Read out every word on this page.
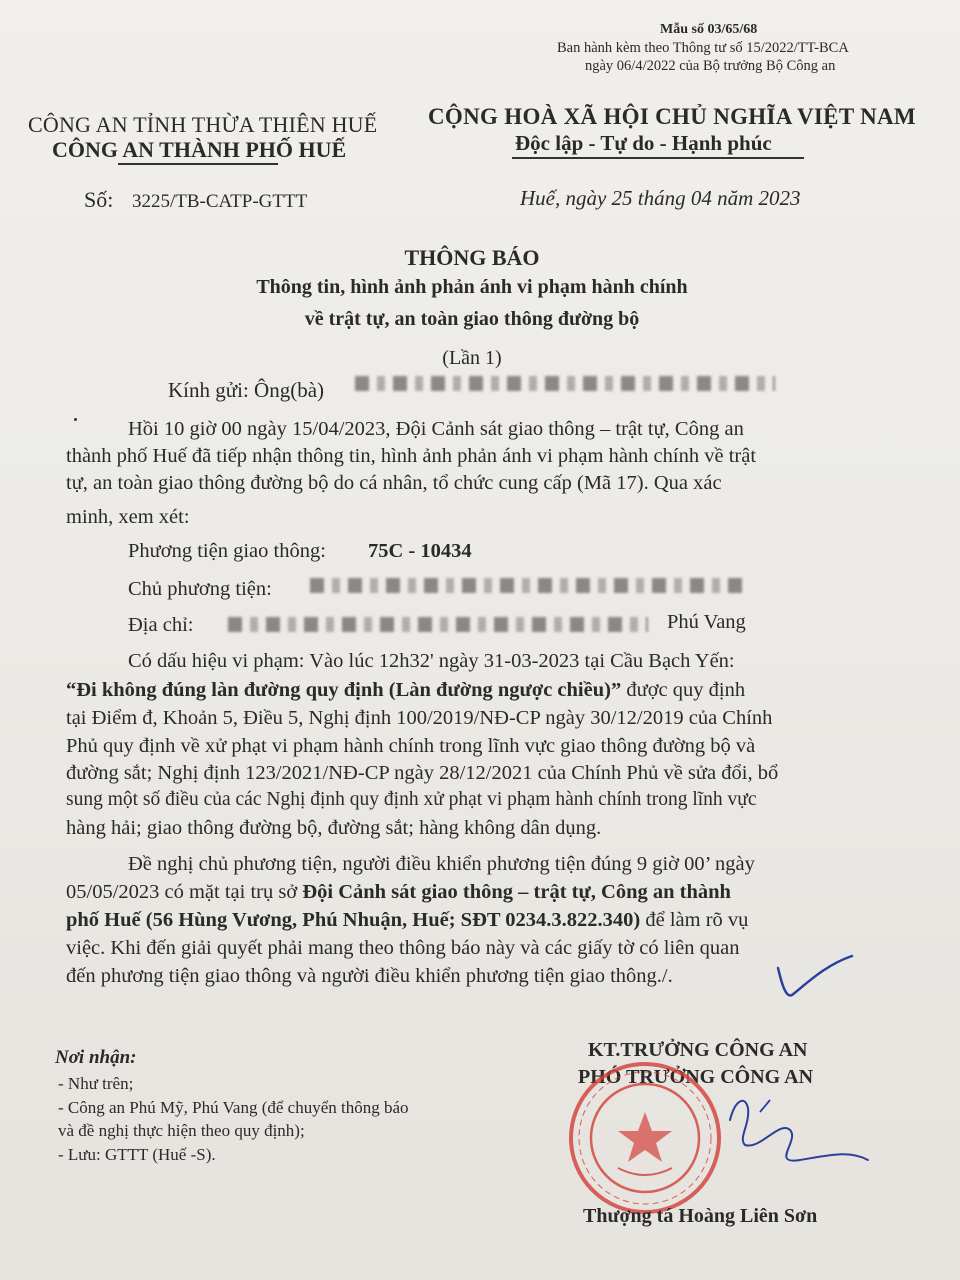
Mẫu số 03/65/68
Ban hành kèm theo Thông tư số 15/2022/TT-BCA
ngày 06/4/2022 của Bộ trưởng Bộ Công an
CÔNG AN TỈNH THỪA THIÊN HUẾ
CÔNG AN THÀNH PHỐ HUẾ
CỘNG HOÀ XÃ HỘI CHỦ NGHĨA VIỆT NAM
Độc lập - Tự do - Hạnh phúc
Số: 3225/TB-CATP-GTTT	Huế, ngày 25 tháng 04 năm 2023
THÔNG BÁO
Thông tin, hình ảnh phản ánh vi phạm hành chính
về trật tự, an toàn giao thông đường bộ
(Lần 1)
Kính gửi: Ông(bà)
Hồi 10 giờ 00 ngày 15/04/2023, Đội Cảnh sát giao thông – trật tự, Công an
thành phố Huế đã tiếp nhận thông tin, hình ảnh phản ánh vi phạm hành chính về trật
tự, an toàn giao thông đường bộ do cá nhân, tổ chức cung cấp (Mã 17). Qua xác
minh, xem xét:
Phương tiện giao thông: 75C - 10434
Chủ phương tiện:
Địa chỉ:	Phú Vang
Có dấu hiệu vi phạm: Vào lúc 12h32' ngày 31-03-2023 tại Cầu Bạch Yến:
“Đi không đúng làn đường quy định (Làn đường ngược chiều)” được quy định
tại Điểm đ, Khoản 5, Điều 5, Nghị định 100/2019/NĐ-CP ngày 30/12/2019 của Chính
Phủ quy định về xử phạt vi phạm hành chính trong lĩnh vực giao thông đường bộ và
đường sắt; Nghị định 123/2021/NĐ-CP ngày 28/12/2021 của Chính Phủ về sửa đổi, bổ
sung một số điều của các Nghị định quy định xử phạt vi phạm hành chính trong lĩnh vực
hàng hải; giao thông đường bộ, đường sắt; hàng không dân dụng.
Đề nghị chủ phương tiện, người điều khiển phương tiện đúng 9 giờ 00’ ngày
05/05/2023 có mặt tại trụ sở Đội Cảnh sát giao thông – trật tự, Công an thành
phố Huế (56 Hùng Vương, Phú Nhuận, Huế; SĐT 0234.3.822.340) để làm rõ vụ
việc. Khi đến giải quyết phải mang theo thông báo này và các giấy tờ có liên quan
đến phương tiện giao thông và người điều khiển phương tiện giao thông./.
Nơi nhận:
- Như trên;
- Công an Phú Mỹ, Phú Vang (để chuyển thông báo
và đề nghị thực hiện theo quy định);
- Lưu: GTTT (Huế -S).
KT.TRƯỞNG CÔNG AN
PHÓ TRƯỞNG CÔNG AN
Thượng tá Hoàng Liên Sơn
